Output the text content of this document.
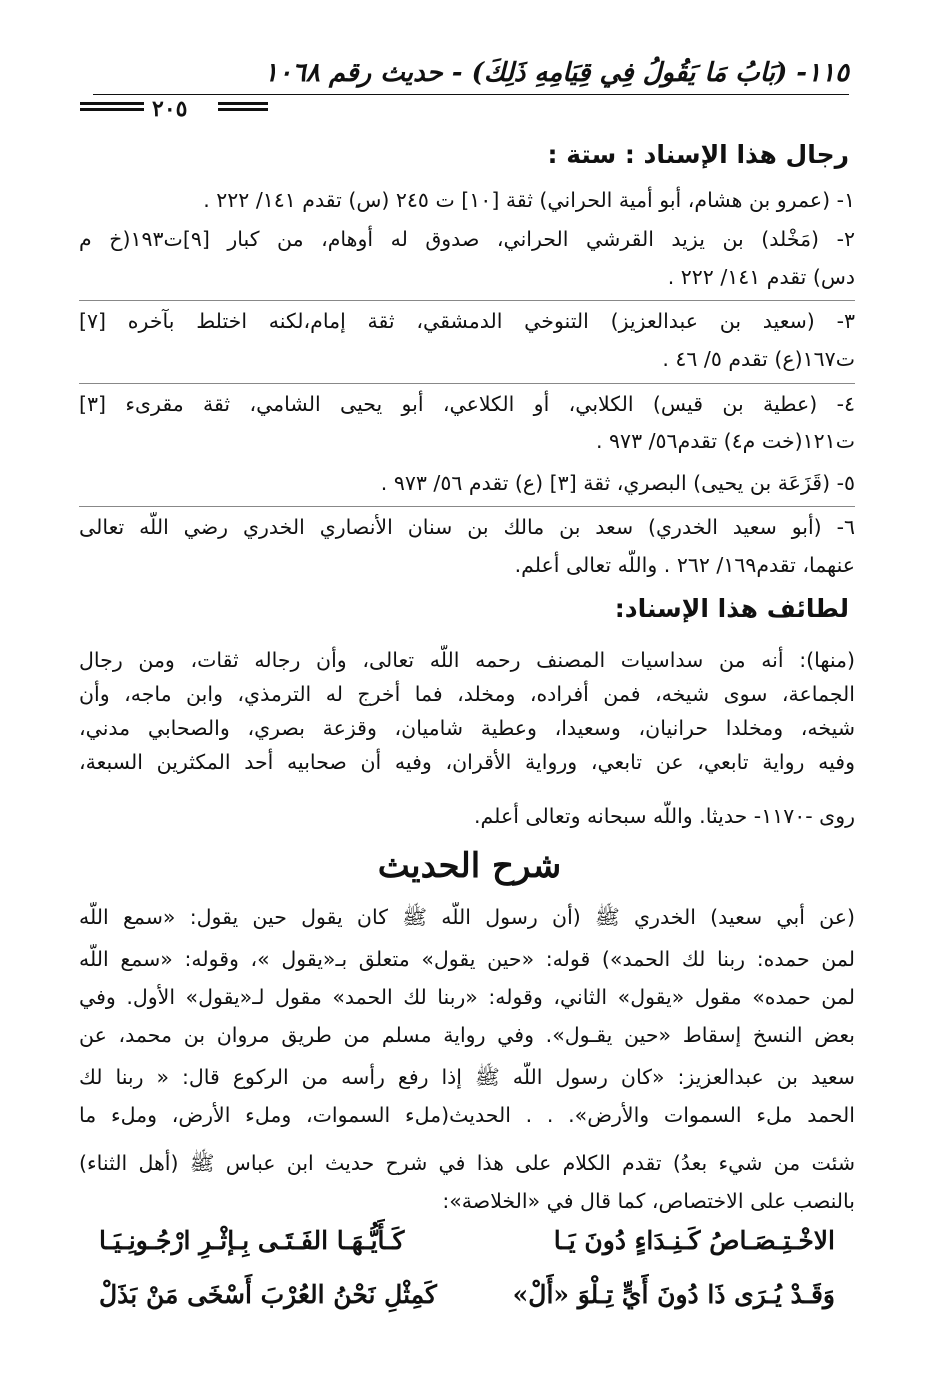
١١٥- (بَابُ مَا يَقُولُ فِي قِيَامِهِ ذَلِكَ) - حديث رقم ١٠٦٨
٢٠٥
رجال هذا الإسناد : ستة :
١- (عمرو بن هشام، أبو أمية الحراني) ثقة [١٠] ت ٢٤٥ (س) تقدم ١٤١/ ٢٢٢ .
٢- (مَخْلد) بن يزيد القرشي الحراني، صدوق له أوهام، من كبار [٩]ت١٩٣(خ م
دس) تقدم ١٤١/ ٢٢٢ .
٣- (سعيد بن عبدالعزيز) التنوخي الدمشقي، ثقة إمام،لكنه اختلط بآخره [٧]
ت١٦٧(ع) تقدم ٥/ ٤٦ .
٤- (عطية بن قيس) الكلابي، أو الكلاعي، أبو يحيى الشامي، ثقة مقرىء [٣]
ت١٢١(خت م٤) تقدم٥٦/ ٩٧٣ .
٥- (قَزَعَة بن يحيى) البصري، ثقة [٣] (ع) تقدم ٥٦/ ٩٧٣ .
٦- (أبو سعيد الخدري) سعد بن مالك بن سنان الأنصاري الخدري رضي اللَّه تعالى
عنهما، تقدم١٦٩/ ٢٦٢ . واللَّه تعالى أعلم.
لطائف هذا الإسناد:
(منها): أنه من سداسيات المصنف رحمه اللَّه تعالى، وأن رجاله ثقات، ومن رجال
الجماعة، سوى شيخه، فمن أفراده، ومخلد، فما أخرج له الترمذي، وابن ماجه، وأن
شيخه، ومخلدا حرانيان، وسعيدا، وعطية شاميان، وقزعة بصري، والصحابي مدني،
وفيه رواية تابعي، عن تابعي، ورواية الأقران، وفيه أن صحابيه أحد المكثرين السبعة،
روى -١١٧٠- حديثا. واللَّه سبحانه وتعالى أعلم.
شرح الحديث
(عن أبي سعيد) الخدري ﷺ (أن رسول اللَّه ﷺ كان يقول حين يقول: «سمع اللَّه
لمن حمده: ربنا لك الحمد») قوله: «حين يقول» متعلق بـ«يقول »، وقوله: «سمع اللَّه
لمن حمده» مقول «يقول» الثاني، وقوله: «ربنا لك الحمد» مقول لـ«يقول» الأول. وفي
بعض النسخ إسقاط «حين يقـول». وفي رواية مسلم من طريق مروان بن محمد، عن
سعيد بن عبدالعزيز: «كان رسول اللَّه ﷺ إذا رفع رأسه من الركوع قال: « ربنا لك
الحمد ملء السموات والأرض». . . الحديث(ملء السموات، وملء الأرض، وملء ما
شئت من شيء بعدُ) تقدم الكلام على هذا في شرح حديث ابن عباس ﷺ (أهل الثناء)
بالنصب على الاختصاص، كما قال في «الخلاصة»:
الاخْـتِـصَـاصُ كَـنِـدَاءٍ دُونَ يَـا
كَـأَيُّـهَـا الفَـتَـى بِـإثْـرِ ارْجُـونِـيَـا
وَقَـدْ يُـرَى ذَا دُونَ أَيٍّ تِـلْوَ «أَلْ»
كَمِثْلِ نَحْنُ العُرْبَ أَسْخَى مَنْ بَذَلْ
